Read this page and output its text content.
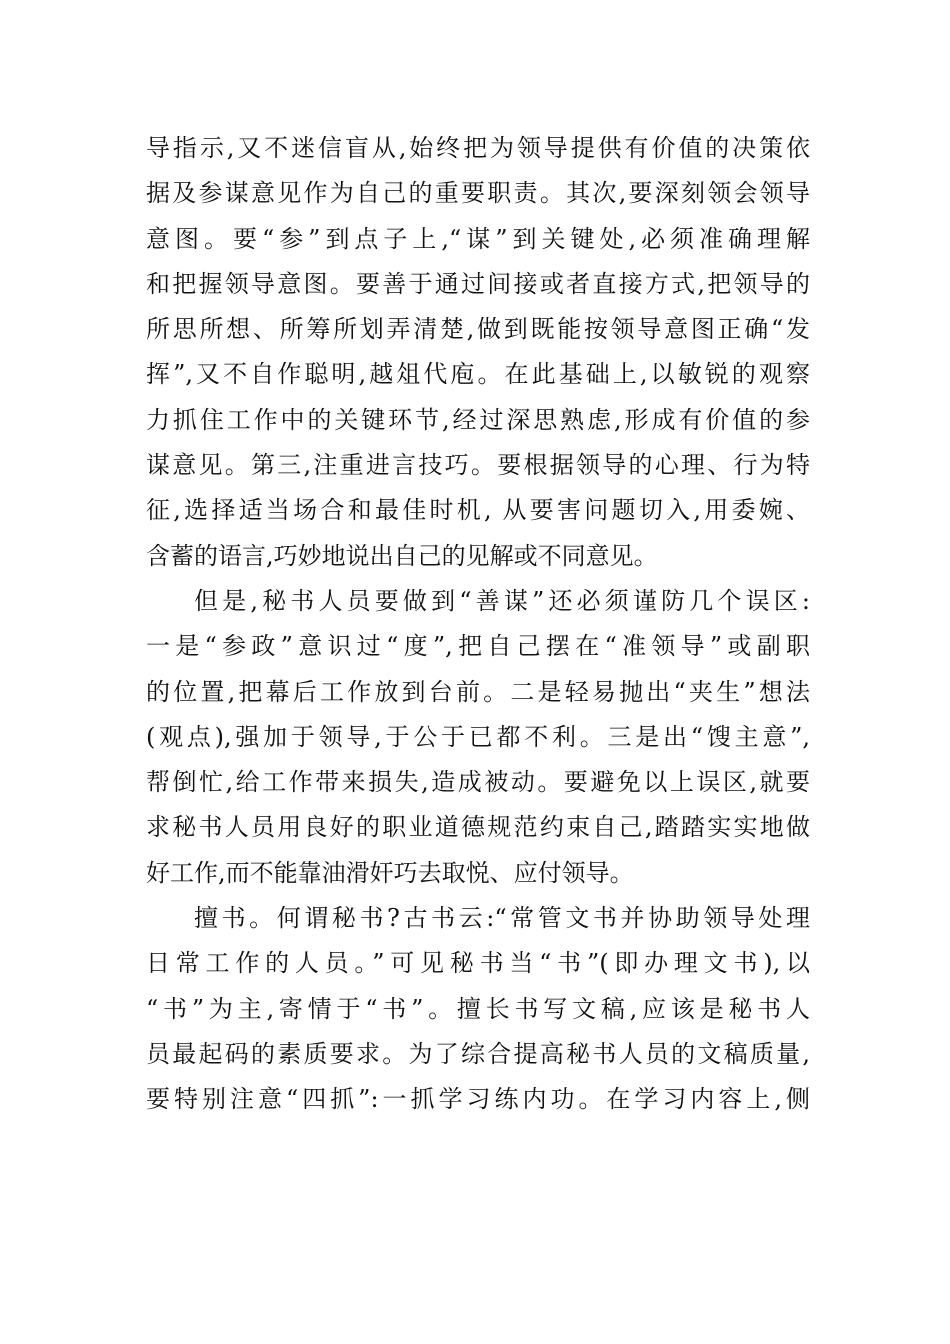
导指示,又不迷信盲从,始终把为领导提供有价值的决策依
据及参谋意见作为自己的重要职责。其次,要深刻领会领导
意图。要“参”到点子上,“谋”到关键处,必须准确理解
和把握领导意图。要善于通过间接或者直接方式,把领导的
所思所想、所筹所划弄清楚,做到既能按领导意图正确“发
挥”,又不自作聪明,越俎代庖。在此基础上,以敏锐的观察
力抓住工作中的关键环节,经过深思熟虑,形成有价值的参
谋意见。第三,注重进言技巧。要根据领导的心理、行为特
征,选择适当场合和最佳时机, 从要害问题切入,用委婉、
含蓄的语言,巧妙地说出自己的见解或不同意见。
但是,秘书人员要做到“善谋”还必须谨防几个误区:
一是“参政”意识过“度”,把自己摆在“准领导”或副职
的位置,把幕后工作放到台前。二是轻易抛出“夹生”想法
(观点),强加于领导,于公于已都不利。三是出“馊主意”,
帮倒忙,给工作带来损失,造成被动。要避免以上误区,就要
求秘书人员用良好的职业道德规范约束自己,踏踏实实地做
好工作,而不能靠油滑奸巧去取悦、应付领导。
擅书。何谓秘书?古书云:“常管文书并协助领导处理
日常工作的人员。”可见秘书当“书”(即办理文书),以
“书”为主,寄情于“书”。擅长书写文稿,应该是秘书人
员最起码的素质要求。为了综合提高秘书人员的文稿质量,
要特别注意“四抓”:一抓学习练内功。在学习内容上,侧
